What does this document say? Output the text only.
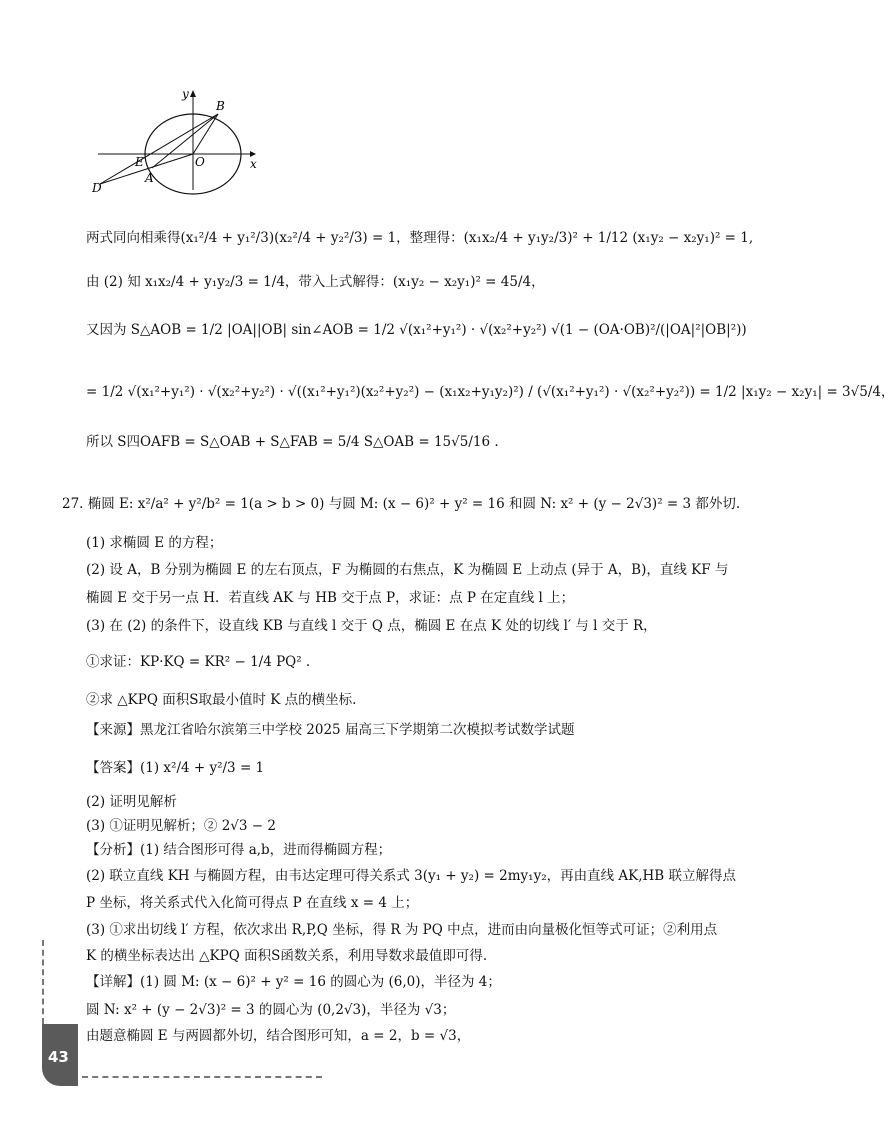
y
B
O	x
E
A
D
两式同向相乘得(x₁²/4 + y₁²/3)(x₂²/4 + y₂²/3) = 1，整理得：(x₁x₂/4 + y₁y₂/3)² + 1/12 (x₁y₂ − x₂y₁)² = 1,
由 (2) 知 x₁x₂/4 + y₁y₂/3 = 1/4，带入上式解得：(x₁y₂ − x₂y₁)² = 45/4，
又因为 S△AOB = 1/2 |OA||OB| sin∠AOB = 1/2 √(x₁²+y₁²) · √(x₂²+y₂²) √(1 − (OA·OB)²/(|OA|²|OB|²))
= 1/2 √(x₁²+y₁²) · √(x₂²+y₂²) · √((x₁²+y₁²)(x₂²+y₂²) − (x₁x₂+y₁y₂)²) / (√(x₁²+y₁²) · √(x₂²+y₂²)) = 1/2 |x₁y₂ − x₂y₁| = 3√5/4，
所以 S四OAFB = S△OAB + S△FAB = 5/4 S△OAB = 15√5/16 .
27. 椭圆 E: x²/a² + y²/b² = 1(a > b > 0) 与圆 M: (x − 6)² + y² = 16 和圆 N: x² + (y − 2√3)² = 3 都外切.
(1) 求椭圆 E 的方程；
(2) 设 A，B 分别为椭圆 E 的左右顶点，F 为椭圆的右焦点，K 为椭圆 E 上动点 (异于 A，B)，直线 KF 与
椭圆 E 交于另一点 H．若直线 AK 与 HB 交于点 P，求证：点 P 在定直线 l 上；
(3) 在 (2) 的条件下，设直线 KB 与直线 l 交于 Q 点，椭圆 E 在点 K 处的切线 l′ 与 l 交于 R，
①求证：KP·KQ = KR² − 1/4 PQ² .
②求 △KPQ 面积S取最小值时 K 点的横坐标.
【来源】黑龙江省哈尔滨第三中学校 2025 届高三下学期第二次模拟考试数学试题
【答案】(1) x²/4 + y²/3 = 1
(2) 证明见解析
(3) ①证明见解析；② 2√3 − 2
【分析】(1) 结合图形可得 a,b，进而得椭圆方程；
(2) 联立直线 KH 与椭圆方程，由韦达定理可得关系式 3(y₁ + y₂) = 2my₁y₂，再由直线 AK,HB 联立解得点
P 坐标，将关系式代入化简可得点 P 在直线 x = 4 上；
(3) ①求出切线 l′ 方程，依次求出 R,P,Q 坐标，得 R 为 PQ 中点，进而由向量极化恒等式可证；②利用点
K 的横坐标表达出 △KPQ 面积S函数关系，利用导数求最值即可得.
【详解】(1) 圆 M: (x − 6)² + y² = 16 的圆心为 (6,0)，半径为 4；
圆 N: x² + (y − 2√3)² = 3 的圆心为 (0,2√3)，半径为 √3；
由题意椭圆 E 与两圆都外切，结合图形可知，a = 2，b = √3，
43
